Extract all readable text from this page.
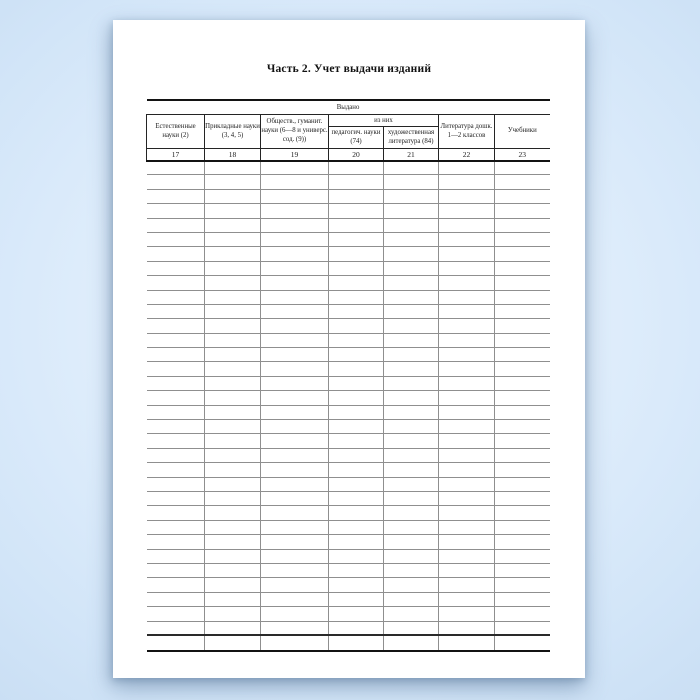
Часть 2. Учет выдачи изданий
Выдано						
Естественные науки (2)	Прикладные науки (3, 4, 5)	Обществ., гуманит. науки (6—8 и универс. сод. (9))	из них		Литература дошк. 1—2 классов	Учебники
			педагогич. науки (74)	художественная литература (84)		
17	18	19	20	21	22	23
